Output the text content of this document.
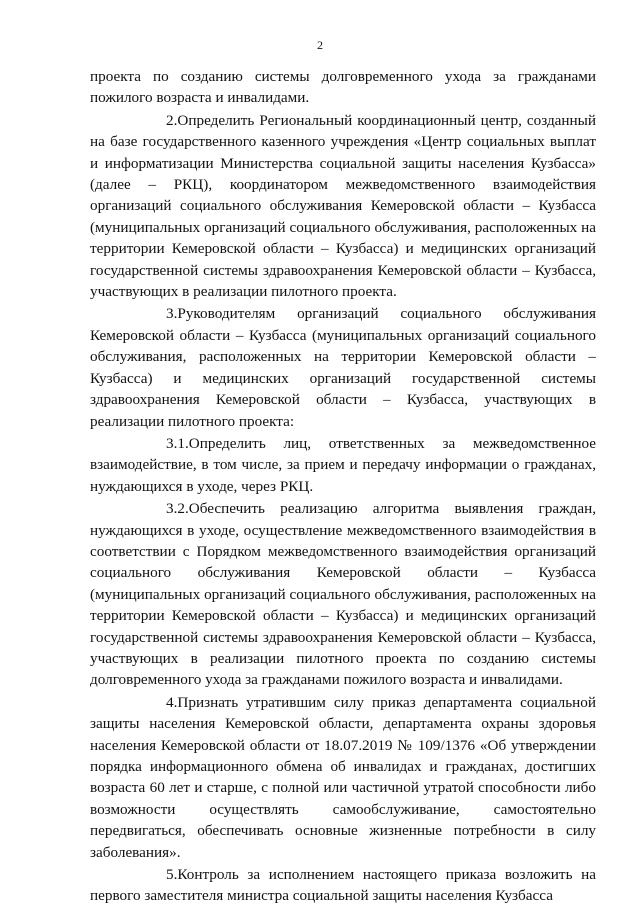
2

проекта по созданию системы долговременного ухода за гражданами пожилого возраста и инвалидами.

2.Определить Региональный координационный центр, созданный на базе государственного казенного учреждения «Центр социальных выплат и информатизации Министерства социальной защиты населения Кузбасса» (далее – РКЦ), координатором межведомственного взаимодействия организаций социального обслуживания Кемеровской области – Кузбасса (муниципальных организаций социального обслуживания, расположенных на территории Кемеровской области – Кузбасса) и медицинских организаций государственной системы здравоохранения Кемеровской области – Кузбасса, участвующих в реализации пилотного проекта.

3.Руководителям организаций социального обслуживания Кемеровской области – Кузбасса (муниципальных организаций социального обслуживания, расположенных на территории Кемеровской области – Кузбасса) и медицинских организаций государственной системы здравоохранения Кемеровской области – Кузбасса, участвующих в реализации пилотного проекта:

3.1.Определить лиц, ответственных за межведомственное взаимодействие, в том числе, за прием и передачу информации о гражданах, нуждающихся в уходе, через РКЦ.

3.2.Обеспечить реализацию алгоритма выявления граждан, нуждающихся в уходе, осуществление межведомственного взаимодействия в соответствии с Порядком межведомственного взаимодействия организаций социального обслуживания Кемеровской области – Кузбасса (муниципальных организаций социального обслуживания, расположенных на территории Кемеровской области – Кузбасса) и медицинских организаций государственной системы здравоохранения Кемеровской области – Кузбасса, участвующих в реализации пилотного проекта по созданию системы долговременного ухода за гражданами пожилого возраста и инвалидами.

4.Признать утратившим силу приказ департамента социальной защиты населения Кемеровской области, департамента охраны здоровья населения Кемеровской области от 18.07.2019 № 109/1376 «Об утверждении порядка информационного обмена об инвалидах и гражданах, достигших возраста 60 лет и старше, с полной или частичной утратой способности либо возможности осуществлять самообслуживание, самостоятельно передвигаться, обеспечивать основные жизненные потребности в силу заболевания».

5.Контроль за исполнением настоящего приказа возложить на первого заместителя министра социальной защиты населения Кузбасса
